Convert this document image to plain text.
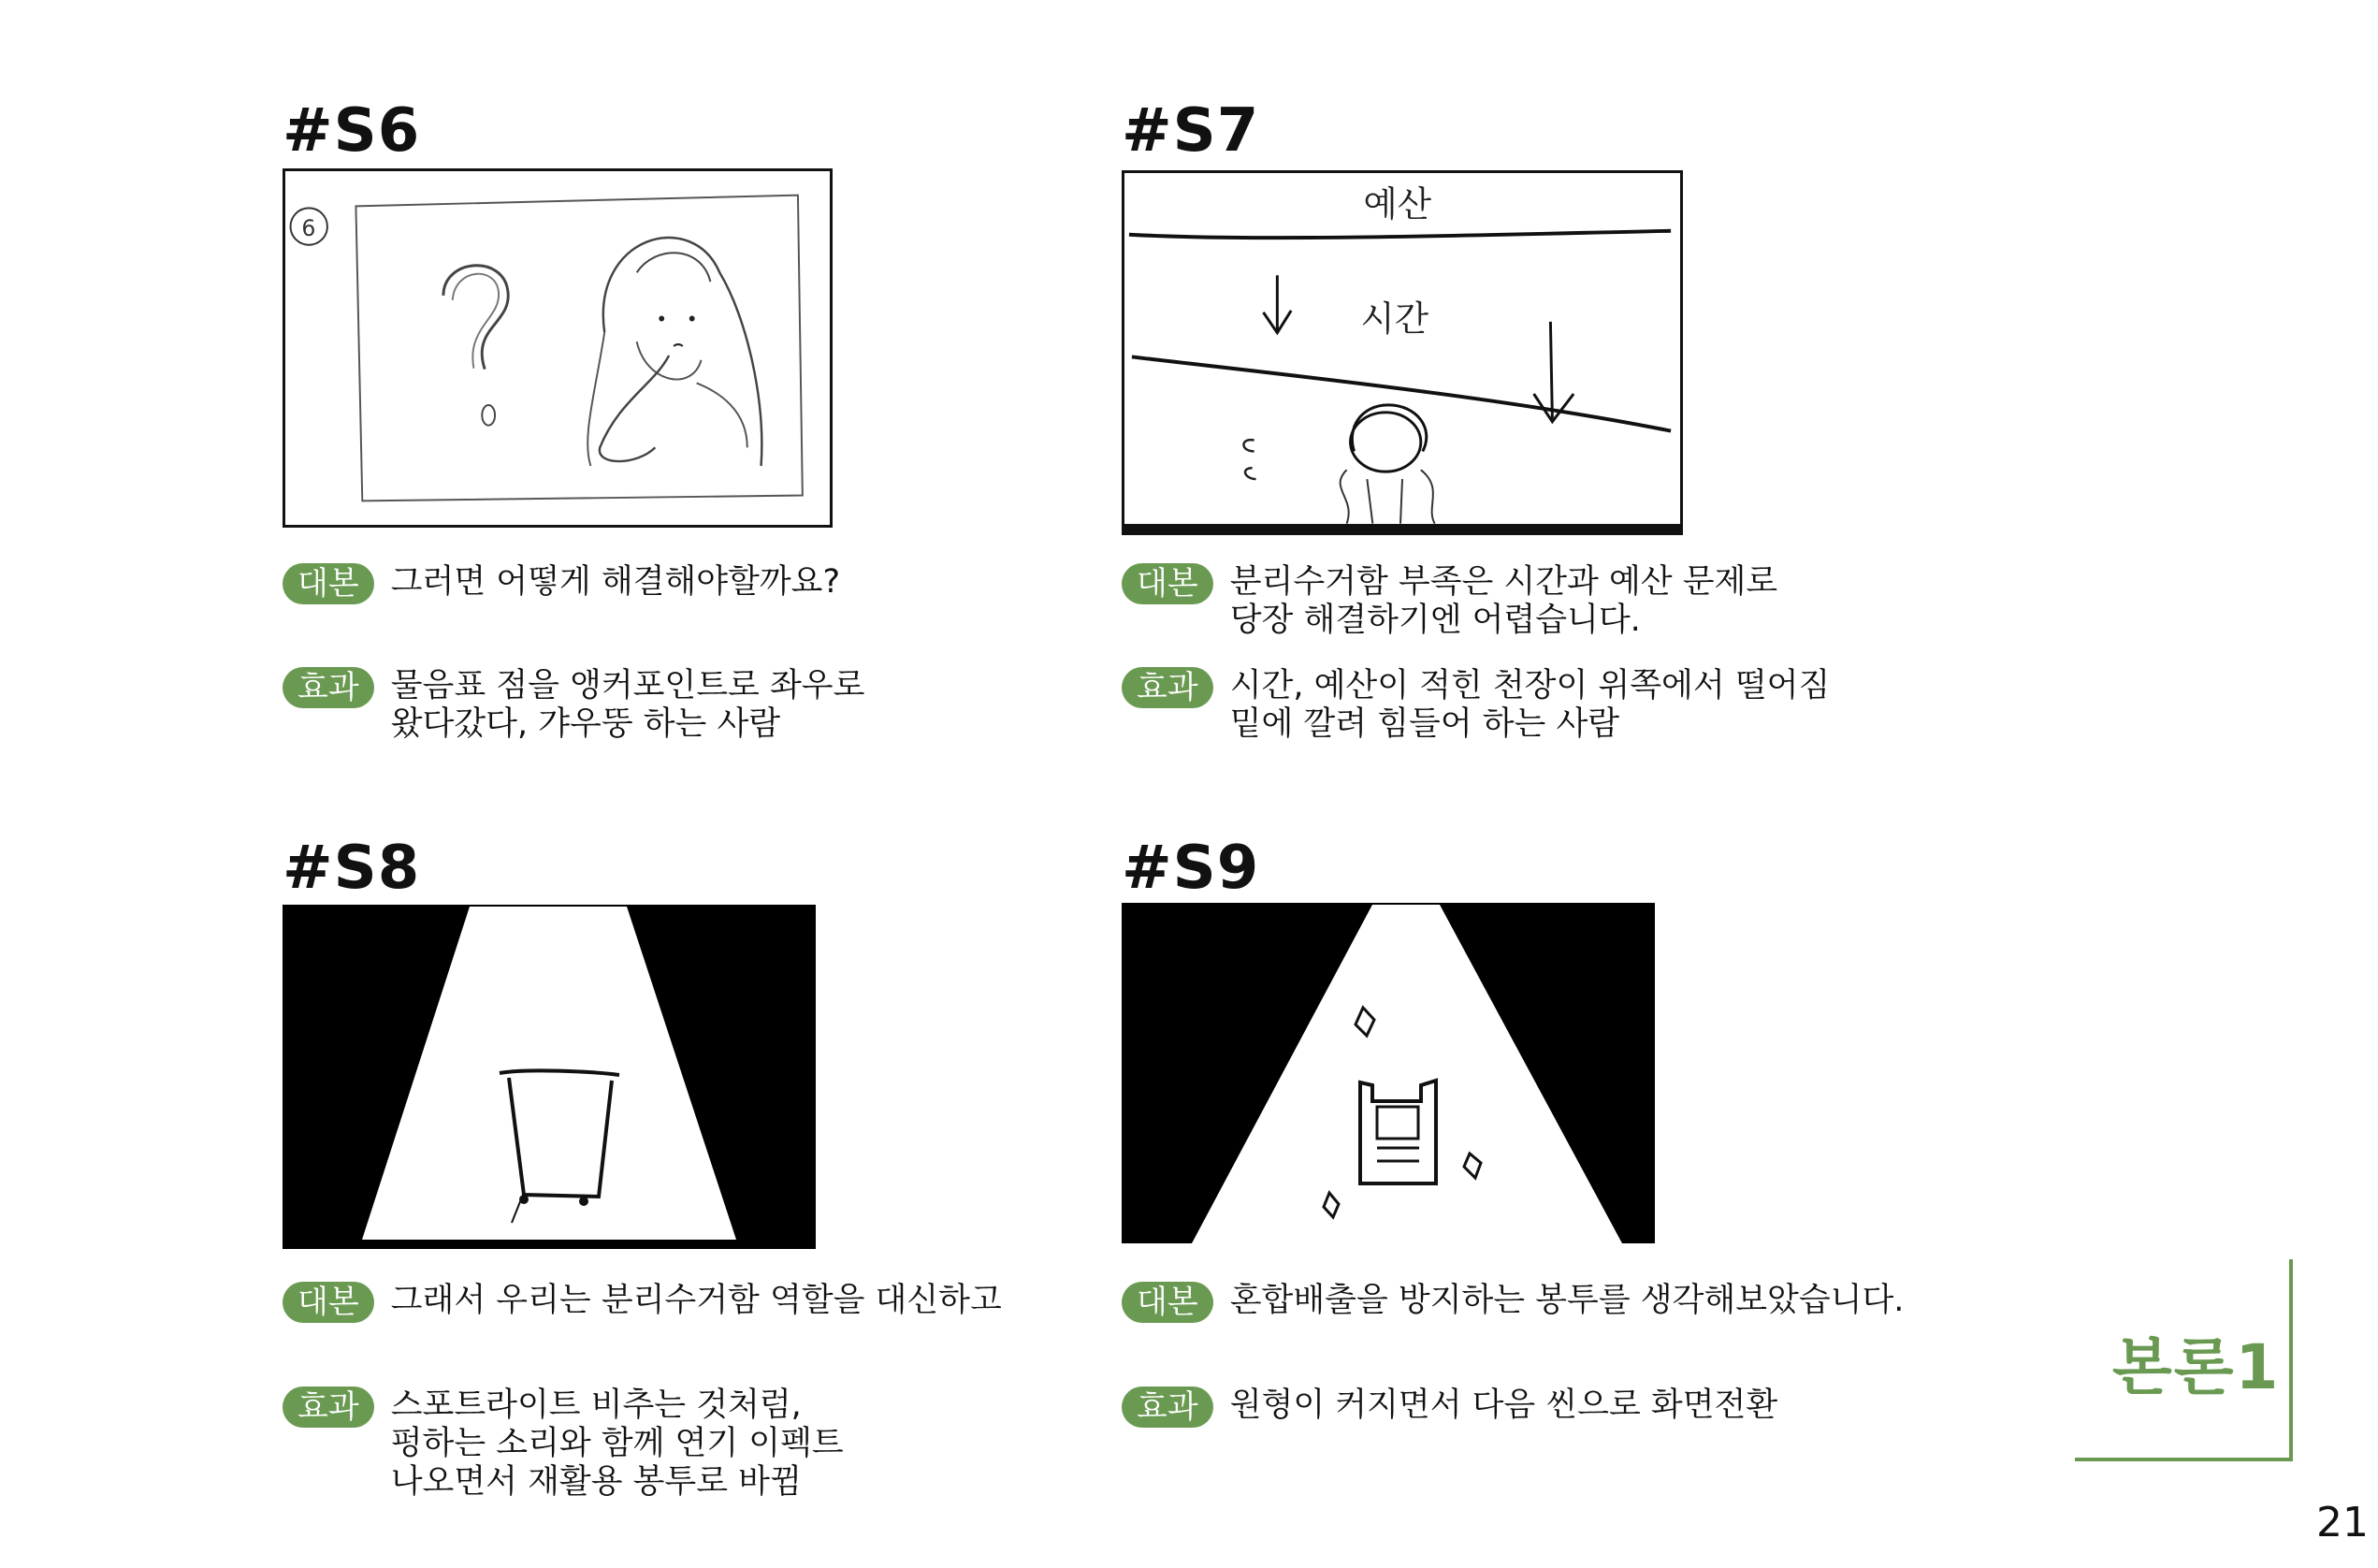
#S6
6
대본 그러면 어떻게 해결해야할까요?
효과 물음표 점을 앵커포인트로 좌우로
왔다갔다, 갸우뚱 하는 사람
#S7
예산
시간
대본 분리수거함 부족은 시간과 예산 문제로
당장 해결하기엔 어렵습니다.
효과 시간, 예산이 적힌 천장이 위쪽에서 떨어짐
밑에 깔려 힘들어 하는 사람
#S8
대본 그래서 우리는 분리수거함 역할을 대신하고
효과 스포트라이트 비추는 것처럼,
펑하는 소리와 함께 연기 이펙트
나오면서 재활용 봉투로 바뀜
#S9
대본 혼합배출을 방지하는 봉투를 생각해보았습니다.
효과 원형이 커지면서 다음 씬으로 화면전환
본론1
21
